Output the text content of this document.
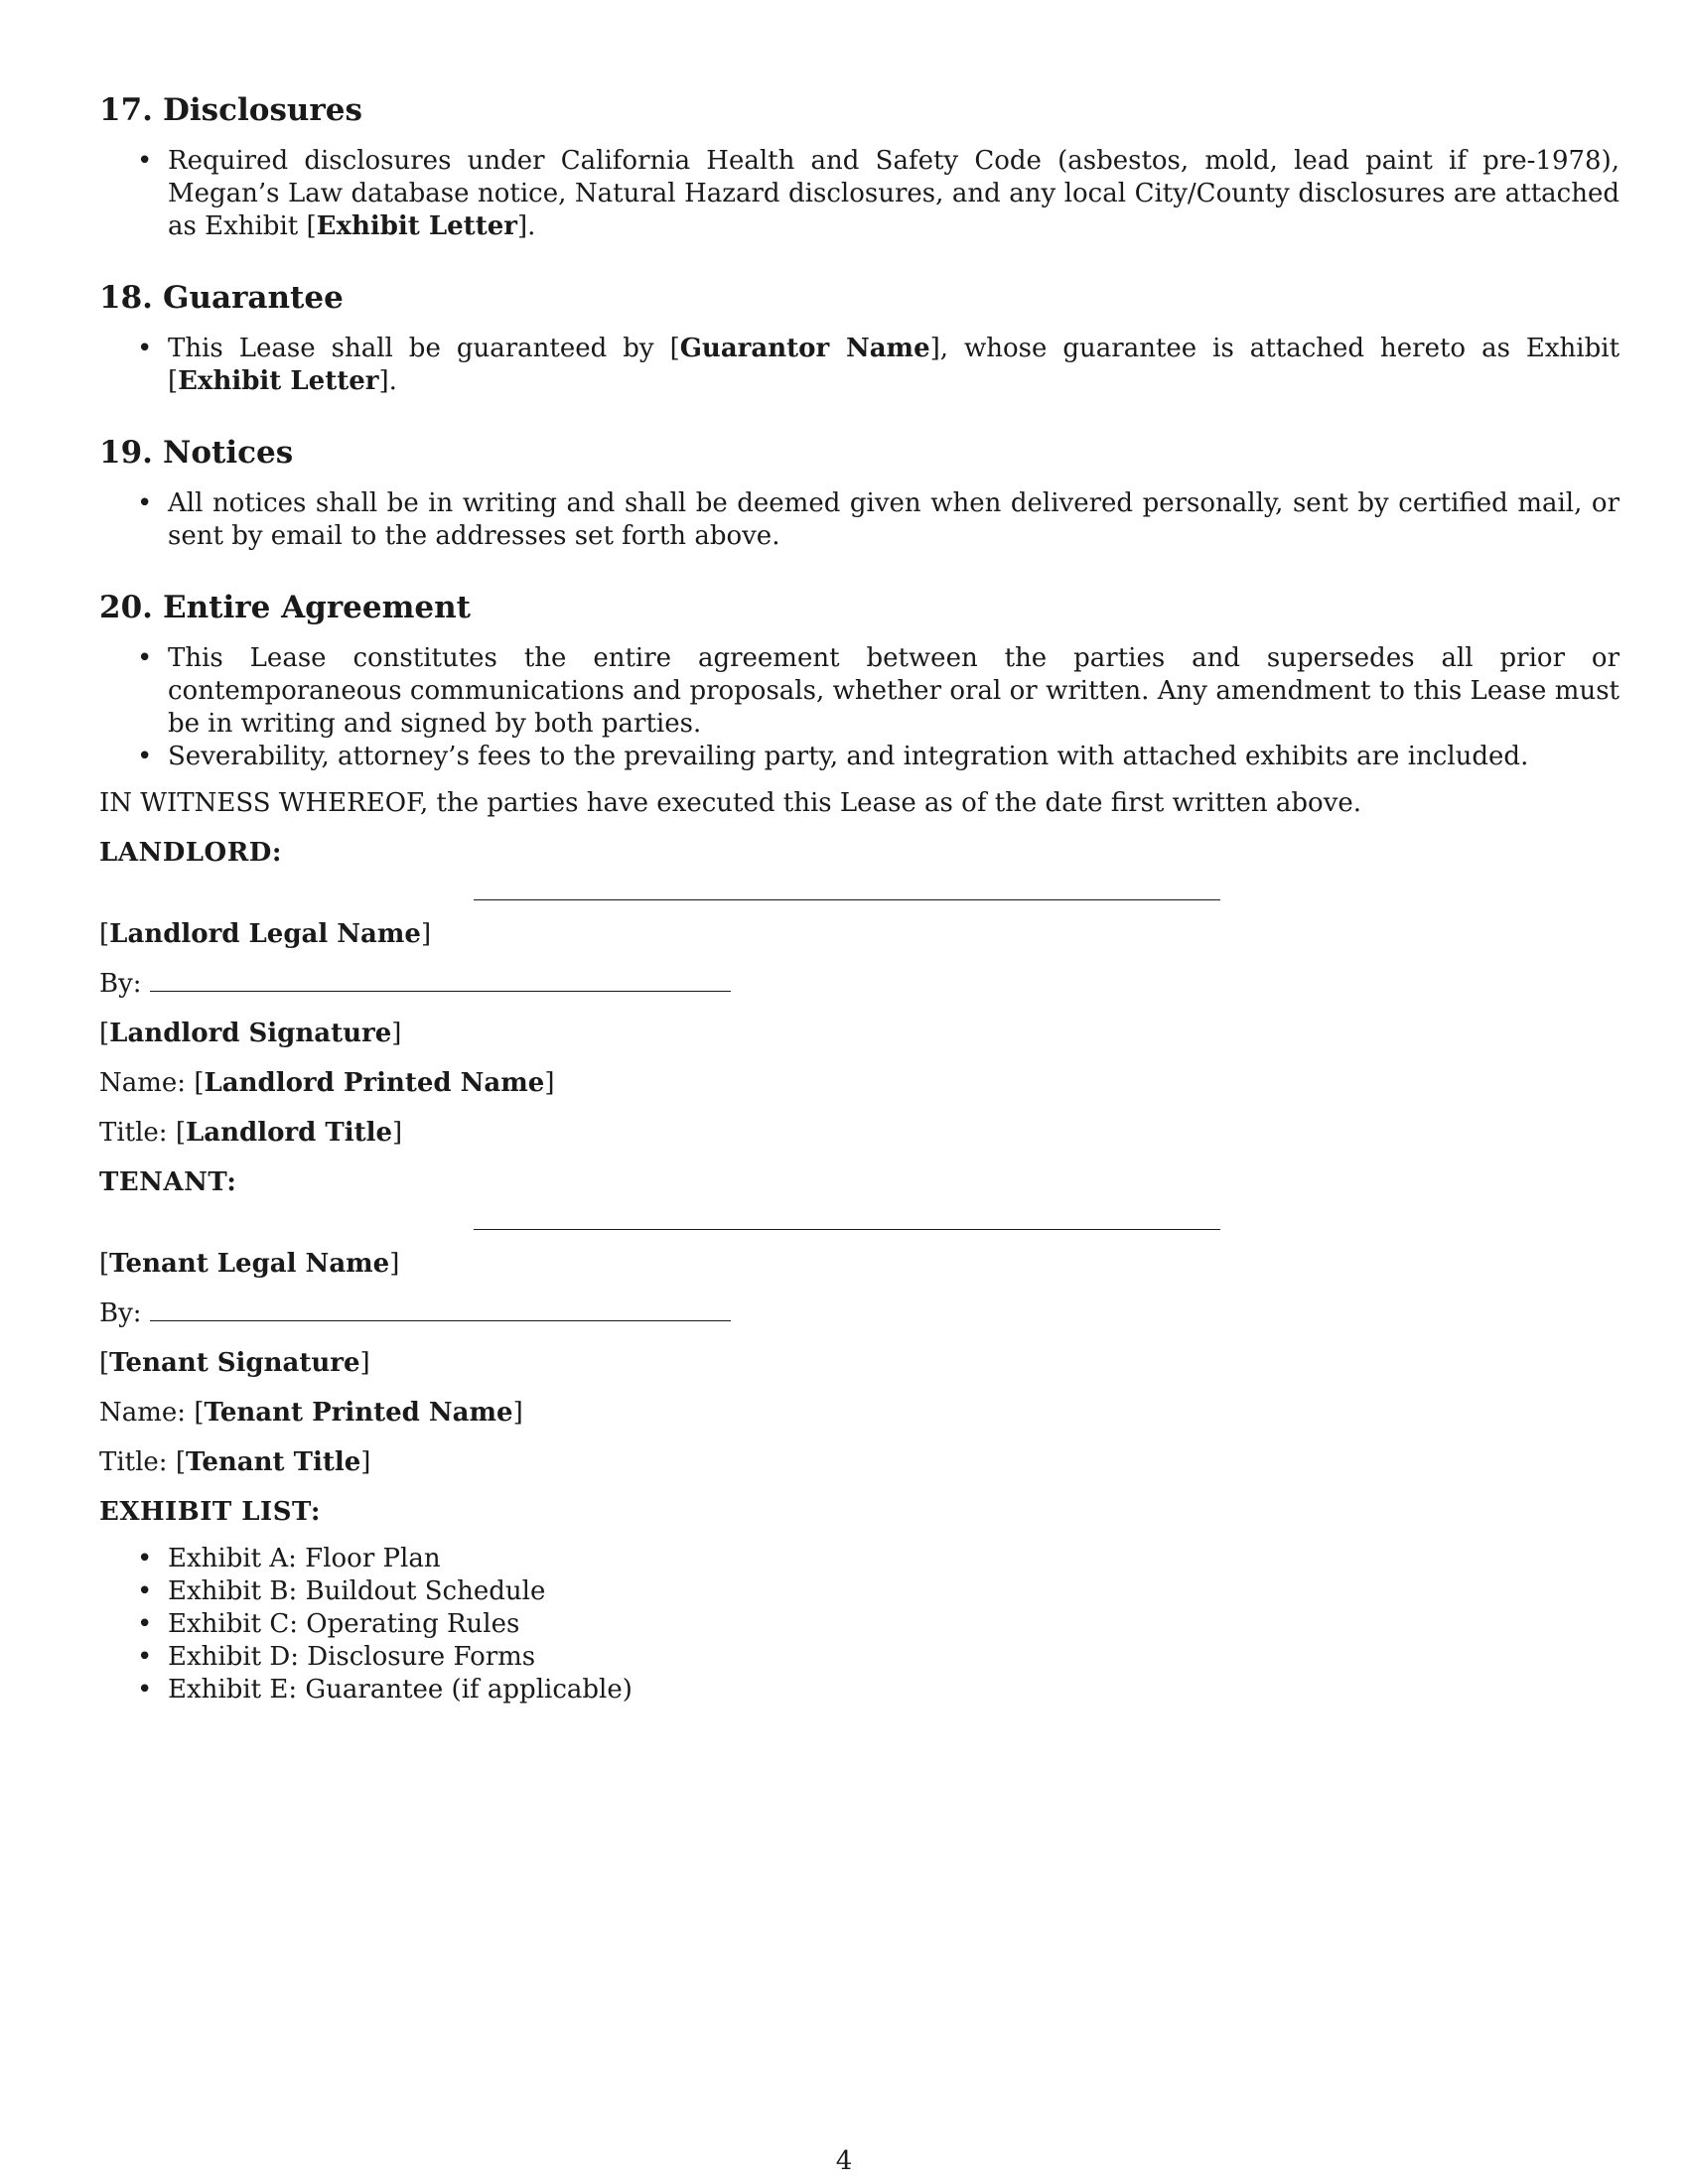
17. Disclosures
• Required disclosures under California Health and Safety Code (asbestos, mold, lead paint if pre-1978), Megan’s Law database notice, Natural Hazard disclosures, and any local City/County disclosures are attached as Exhibit [Exhibit Letter].
18. Guarantee
• This Lease shall be guaranteed by [Guarantor Name], whose guarantee is attached hereto as Exhibit [Exhibit Letter].
19. Notices
• All notices shall be in writing and shall be deemed given when delivered personally, sent by certified mail, or sent by email to the addresses set forth above.
20. Entire Agreement
• This Lease constitutes the entire agreement between the parties and supersedes all prior or contemporaneous communications and proposals, whether oral or written. Any amendment to this Lease must be in writing and signed by both parties.
• Severability, attorney’s fees to the prevailing party, and integration with attached exhibits are included.

IN WITNESS WHEREOF, the parties have executed this Lease as of the date first written above.

LANDLORD:

[Landlord Legal Name]

By:

[Landlord Signature]

Name: [Landlord Printed Name]

Title: [Landlord Title]

TENANT:

[Tenant Legal Name]

By:

[Tenant Signature]

Name: [Tenant Printed Name]

Title: [Tenant Title]

EXHIBIT LIST:
• Exhibit A: Floor Plan
• Exhibit B: Buildout Schedule
• Exhibit C: Operating Rules
• Exhibit D: Disclosure Forms
• Exhibit E: Guarantee (if applicable)
4
